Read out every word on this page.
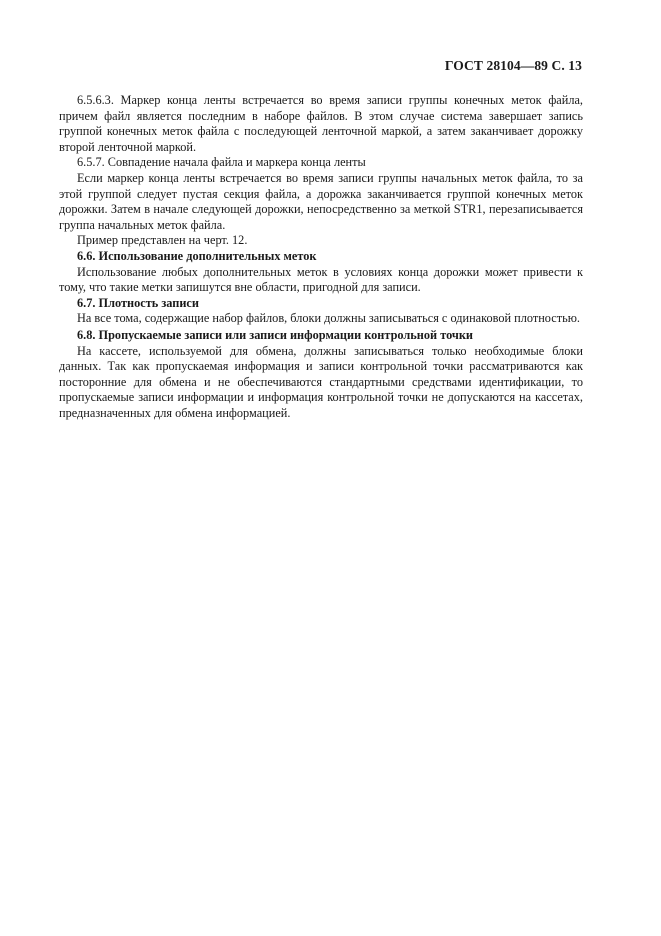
ГОСТ 28104—89 С. 13

6.5.6.3. Маркер конца ленты встречается во время записи группы конечных меток файла, причем файл является последним в наборе файлов. В этом случае система завершает запись группой конечных меток файла с последующей ленточной маркой, а затем заканчивает дорожку второй ленточной маркой.

6.5.7. Совпадение начала файла и маркера конца ленты

Если маркер конца ленты встречается во время записи группы начальных меток файла, то за этой группой следует пустая секция файла, а дорожка заканчивается группой конечных меток дорожки. Затем в начале следующей дорожки, непосредственно за меткой STR1, перезаписывается группа начальных меток файла.

Пример представлен на черт. 12.

6.6. Использование дополнительных меток

Использование любых дополнительных меток в условиях конца дорожки может привести к тому, что такие метки запишутся вне области, пригодной для записи.

6.7. Плотность записи

На все тома, содержащие набор файлов, блоки должны записываться с одинаковой плотностью.

6.8. Пропускаемые записи или записи информации контрольной точки

На кассете, используемой для обмена, должны записываться только необходимые блоки данных. Так как пропускаемая информация и записи контрольной точки рассматриваются как посторонние для обмена и не обеспечиваются стандартными средствами идентификации, то пропускаемые записи информации и информация контрольной точки не допускаются на кассетах, предназначенных для обмена информацией.
